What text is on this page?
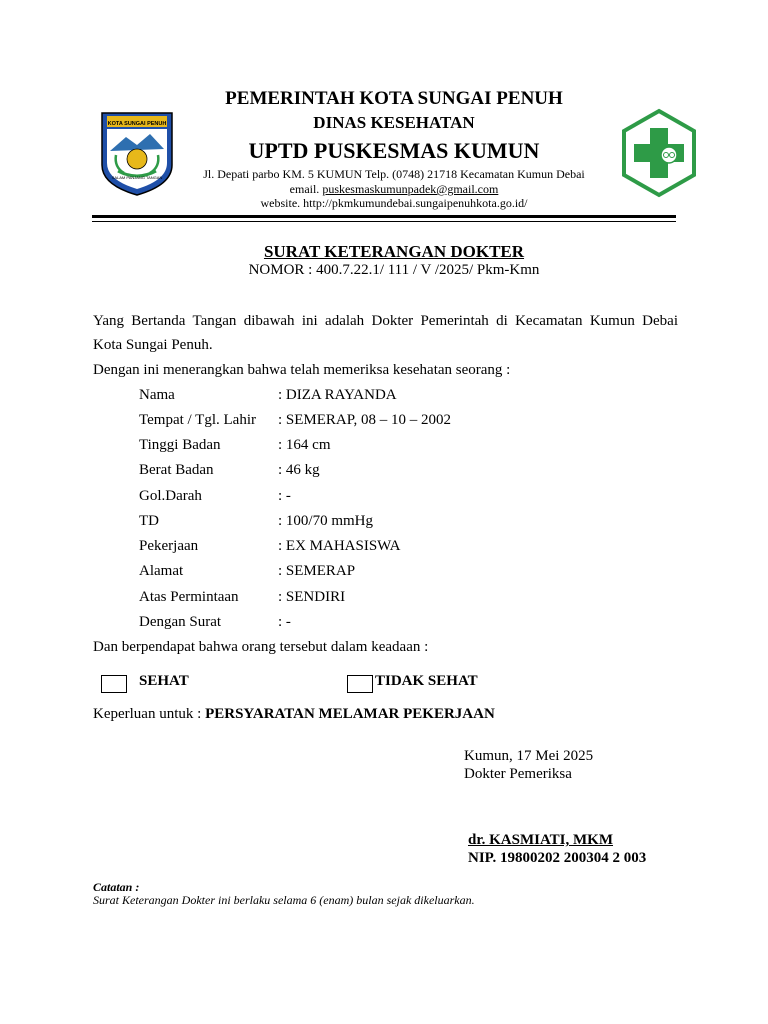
KOTA SUNGAI PENUH
SALAM PANJANG TANGAN
PEMERINTAH KOTA SUNGAI PENUH
DINAS KESEHATAN
UPTD PUSKESMAS KUMUN
Jl. Depati parbo KM. 5 KUMUN Telp. (0748) 21718 Kecamatan Kumun Debai
email. puskesmaskumunpadek@gmail.com
website. http://pkmkumundebai.sungaipenuhkota.go.id/
SURAT KETERANGAN DOKTER
NOMOR : 400.7.22.1/ 111 / V /2025/ Pkm-Kmn
Yang Bertanda Tangan dibawah ini adalah Dokter Pemerintah di Kecamatan Kumun Debai
Kota Sungai Penuh.
Dengan ini menerangkan bahwa telah memeriksa kesehatan seorang :
Nama	: DIZA RAYANDA
Tempat / Tgl. Lahir : SEMERAP, 08 – 10 – 2002
Tinggi Badan	: 164 cm
Berat Badan	: 46 kg
Gol.Darah	: -
TD	: 100/70 mmHg
Pekerjaan	: EX MAHASISWA
Alamat	: SEMERAP
Atas Permintaan	: SENDIRI
Dengan Surat	: -
Dan berpendapat bahwa orang tersebut dalam keadaan :
SEHAT	TIDAK SEHAT
Keperluan untuk : PERSYARATAN MELAMAR PEKERJAAN
Kumun, 17 Mei 2025
Dokter Pemeriksa
dr. KASMIATI, MKM
NIP. 19800202 200304 2 003
Catatan :
Surat Keterangan Dokter ini berlaku selama 6 (enam) bulan sejak dikeluarkan.
